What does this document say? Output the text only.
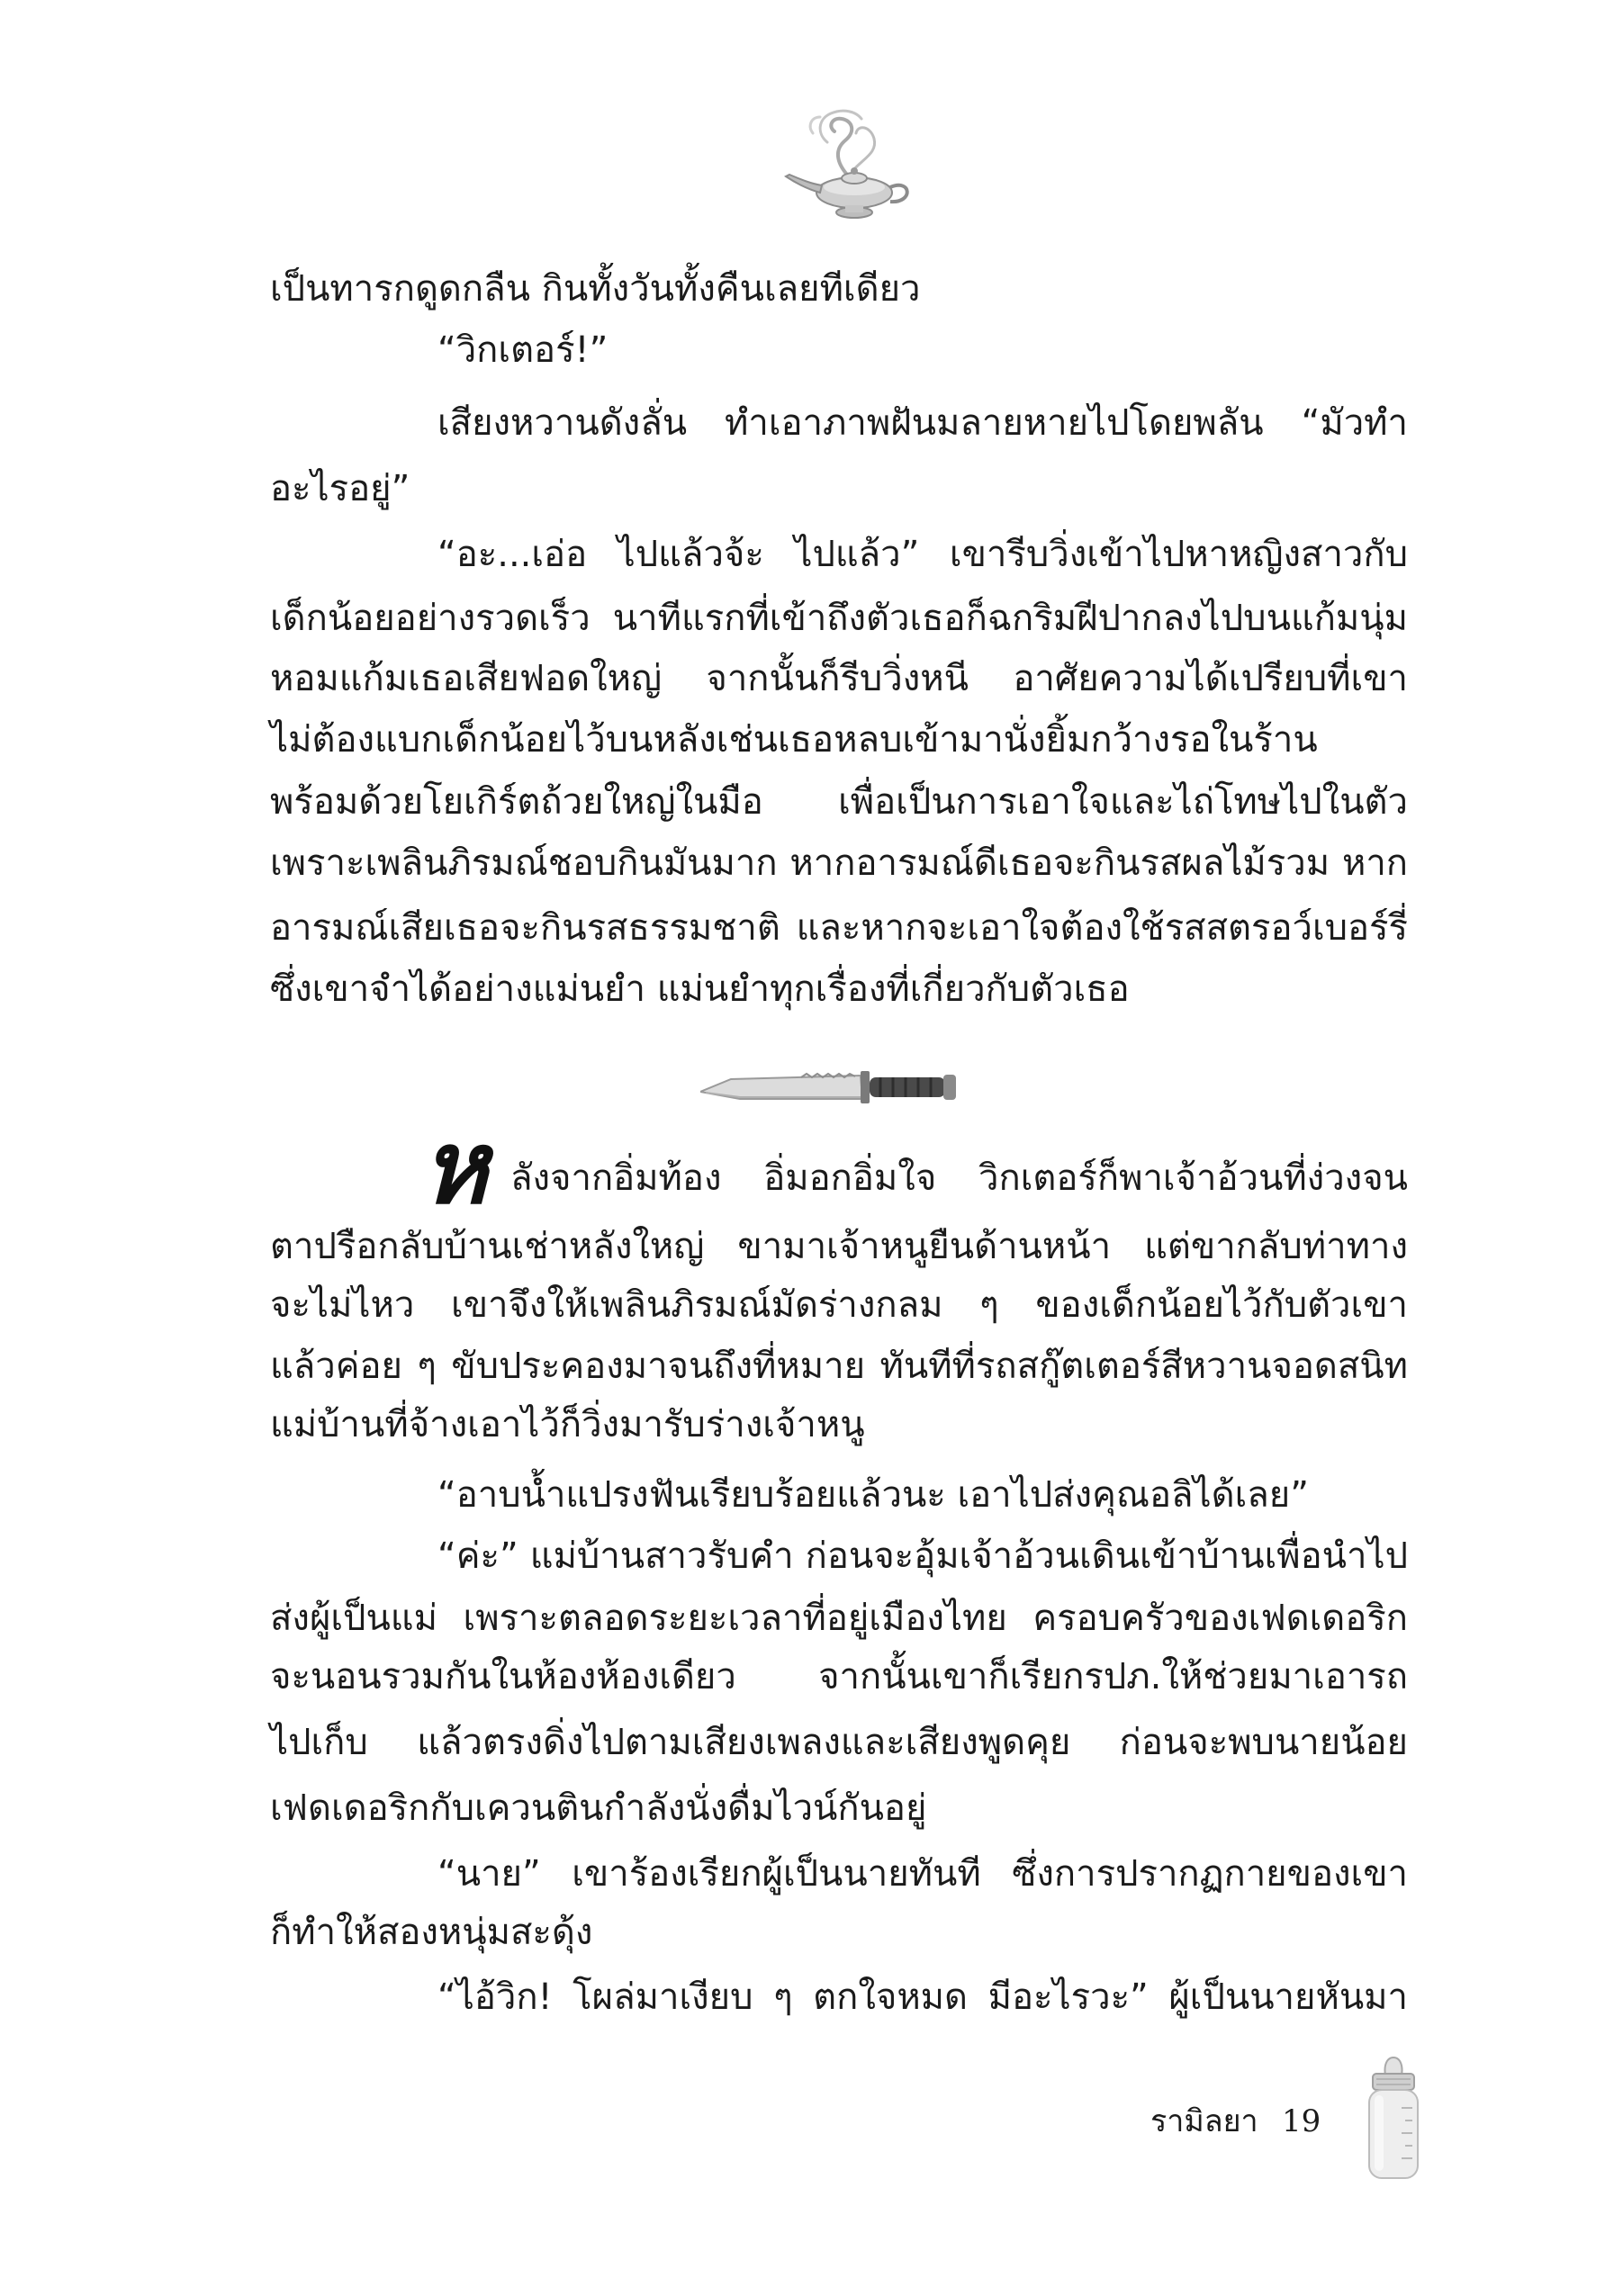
เป็นทารกดูดกลืน กินทั้งวันทั้งคืนเลยทีเดียว
“วิกเตอร์!”
เสียงหวานดังลั่น ทำเอาภาพฝันมลายหายไปโดยพลัน “มัวทำ
อะไรอยู่”
“อะ...เอ่อ ไปแล้วจ้ะ ไปแล้ว” เขารีบวิ่งเข้าไปหาหญิงสาวกับ
เด็กน้อยอย่างรวดเร็ว นาทีแรกที่เข้าถึงตัวเธอก็ฉกริมฝีปากลงไปบนแก้มนุ่ม
หอมแก้มเธอเสียฟอดใหญ่ จากนั้นก็รีบวิ่งหนี อาศัยความได้เปรียบที่เขา
ไม่ต้องแบกเด็กน้อยไว้บนหลังเช่นเธอหลบเข้ามานั่งยิ้มกว้างรอในร้าน
พร้อมด้วยโยเกิร์ตถ้วยใหญ่ในมือ เพื่อเป็นการเอาใจและไถ่โทษไปในตัว
เพราะเพลินภิรมณ์ชอบกินมันมาก หากอารมณ์ดีเธอจะกินรสผลไม้รวม หาก
อารมณ์เสียเธอจะกินรสธรรมชาติ และหากจะเอาใจต้องใช้รสสตรอว์เบอร์รี่
ซึ่งเขาจำได้อย่างแม่นยำ แม่นยำทุกเรื่องที่เกี่ยวกับตัวเธอ
ห ลังจากอิ่มท้อง อิ่มอกอิ่มใจ วิกเตอร์ก็พาเจ้าอ้วนที่ง่วงจน
ตาปรือกลับบ้านเช่าหลังใหญ่ ขามาเจ้าหนูยืนด้านหน้า แต่ขากลับท่าทาง
จะไม่ไหว เขาจึงให้เพลินภิรมณ์มัดร่างกลม ๆ ของเด็กน้อยไว้กับตัวเขา
แล้วค่อย ๆ ขับประคองมาจนถึงที่หมาย ทันทีที่รถสกู๊ตเตอร์สีหวานจอดสนิท
แม่บ้านที่จ้างเอาไว้ก็วิ่งมารับร่างเจ้าหนู
“อาบน้ำแปรงฟันเรียบร้อยแล้วนะ เอาไปส่งคุณอลิได้เลย”
“ค่ะ” แม่บ้านสาวรับคำ ก่อนจะอุ้มเจ้าอ้วนเดินเข้าบ้านเพื่อนำไป
ส่งผู้เป็นแม่ เพราะตลอดระยะเวลาที่อยู่เมืองไทย ครอบครัวของเฟดเดอริก
จะนอนรวมกันในห้องห้องเดียว จากนั้นเขาก็เรียกรปภ.ให้ช่วยมาเอารถ
ไปเก็บ แล้วตรงดิ่งไปตามเสียงเพลงและเสียงพูดคุย ก่อนจะพบนายน้อย
เฟดเดอริกกับเควนตินกำลังนั่งดื่มไวน์กันอยู่
“นาย” เขาร้องเรียกผู้เป็นนายทันที ซึ่งการปรากฏกายของเขา
ก็ทำให้สองหนุ่มสะดุ้ง
“ไอ้วิก! โผล่มาเงียบ ๆ ตกใจหมด มีอะไรวะ” ผู้เป็นนายหันมา
รามิลยา 19
